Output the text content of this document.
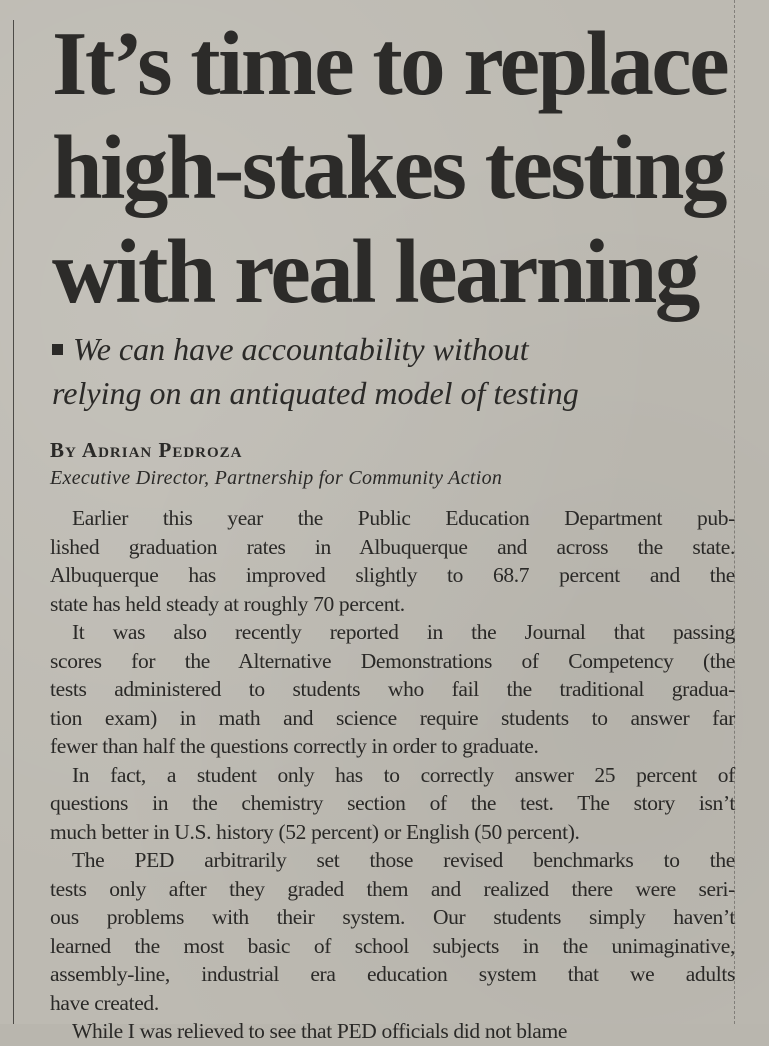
It’s time to replace
high-stakes testing
with real learning

We can have accountability without
relying on an antiquated model of testing

By Adrian Pedroza

Executive Director, Partnership for Community Action

Earlier this year the Public Education Department pub-
lished graduation rates in Albuquerque and across the state.
Albuquerque has improved slightly to 68.7 percent and the
state has held steady at roughly 70 percent.
It was also recently reported in the Journal that passing
scores for the Alternative Demonstrations of Competency (the
tests administered to students who fail the traditional gradua-
tion exam) in math and science require students to answer far
fewer than half the questions correctly in order to graduate.
In fact, a student only has to correctly answer 25 percent of
questions in the chemistry section of the test. The story isn’t
much better in U.S. history (52 percent) or English (50 percent).
The PED arbitrarily set those revised benchmarks to the
tests only after they graded them and realized there were seri-
ous problems with their system. Our students simply haven’t
learned the most basic of school subjects in the unimaginative,
assembly-line, industrial era education system that we adults
have created.
While I was relieved to see that PED officials did not blame
